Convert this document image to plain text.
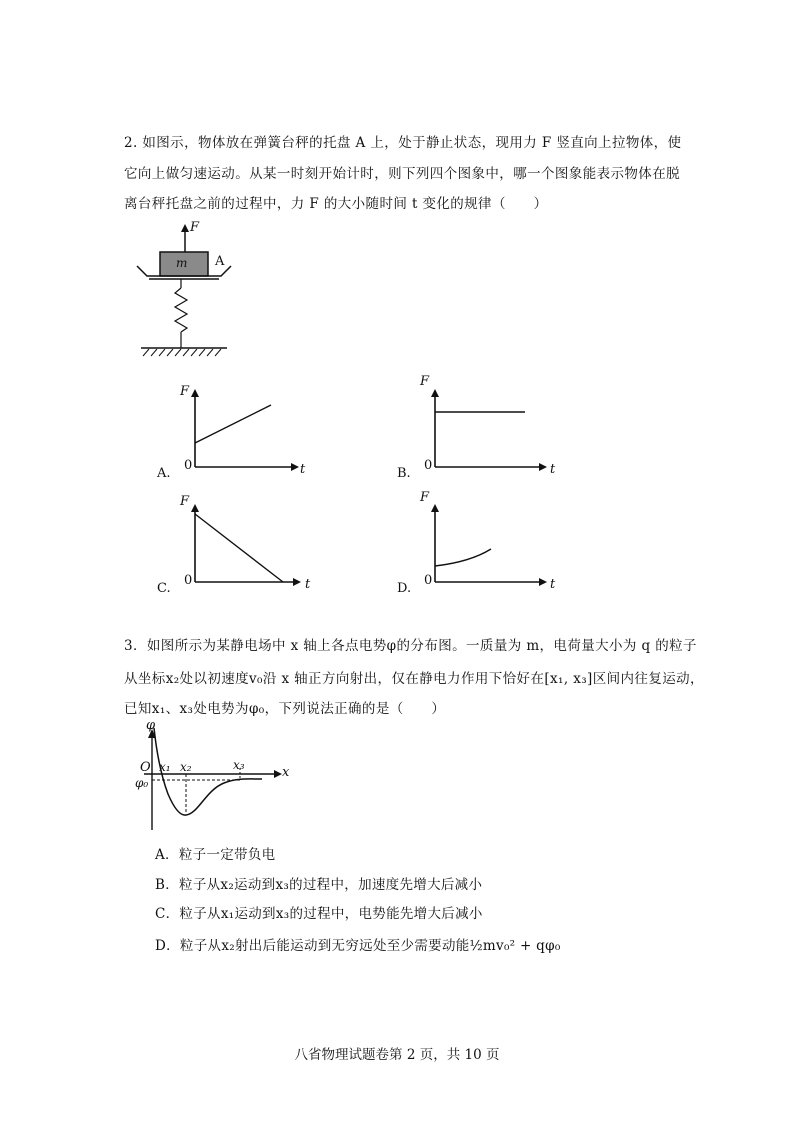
2. 如图示，物体放在弹簧台秤的托盘 A 上，处于静止状态，现用力 F 竖直向上拉物体，使
它向上做匀速运动。从某一时刻开始计时，则下列四个图象中，哪一个图象能表示物体在脱
离台秤托盘之前的过程中，力 F 的大小随时间 t 变化的规律（　　）
F
m A
F
t
0
A.
F
t
0
B.
F
t
0
C.
F
t
0
D.
3．如图所示为某静电场中 x 轴上各点电势φ的分布图。一质量为 m，电荷量大小为 q 的粒子
从坐标x₂处以初速度v₀沿 x 轴正方向射出，仅在静电力作用下恰好在[x₁, x₃]区间内往复运动，
已知x₁、x₃处电势为φ₀，下列说法正确的是（　　）
φ
x
O x₁ x₂	x₃
φ₀
A．粒子一定带负电
B．粒子从x₂运动到x₃的过程中，加速度先增大后减小
C．粒子从x₁运动到x₃的过程中，电势能先增大后减小
D．粒子从x₂射出后能运动到无穷远处至少需要动能½mv₀² + qφ₀
八省物理试题卷第 2 页，共 10 页
